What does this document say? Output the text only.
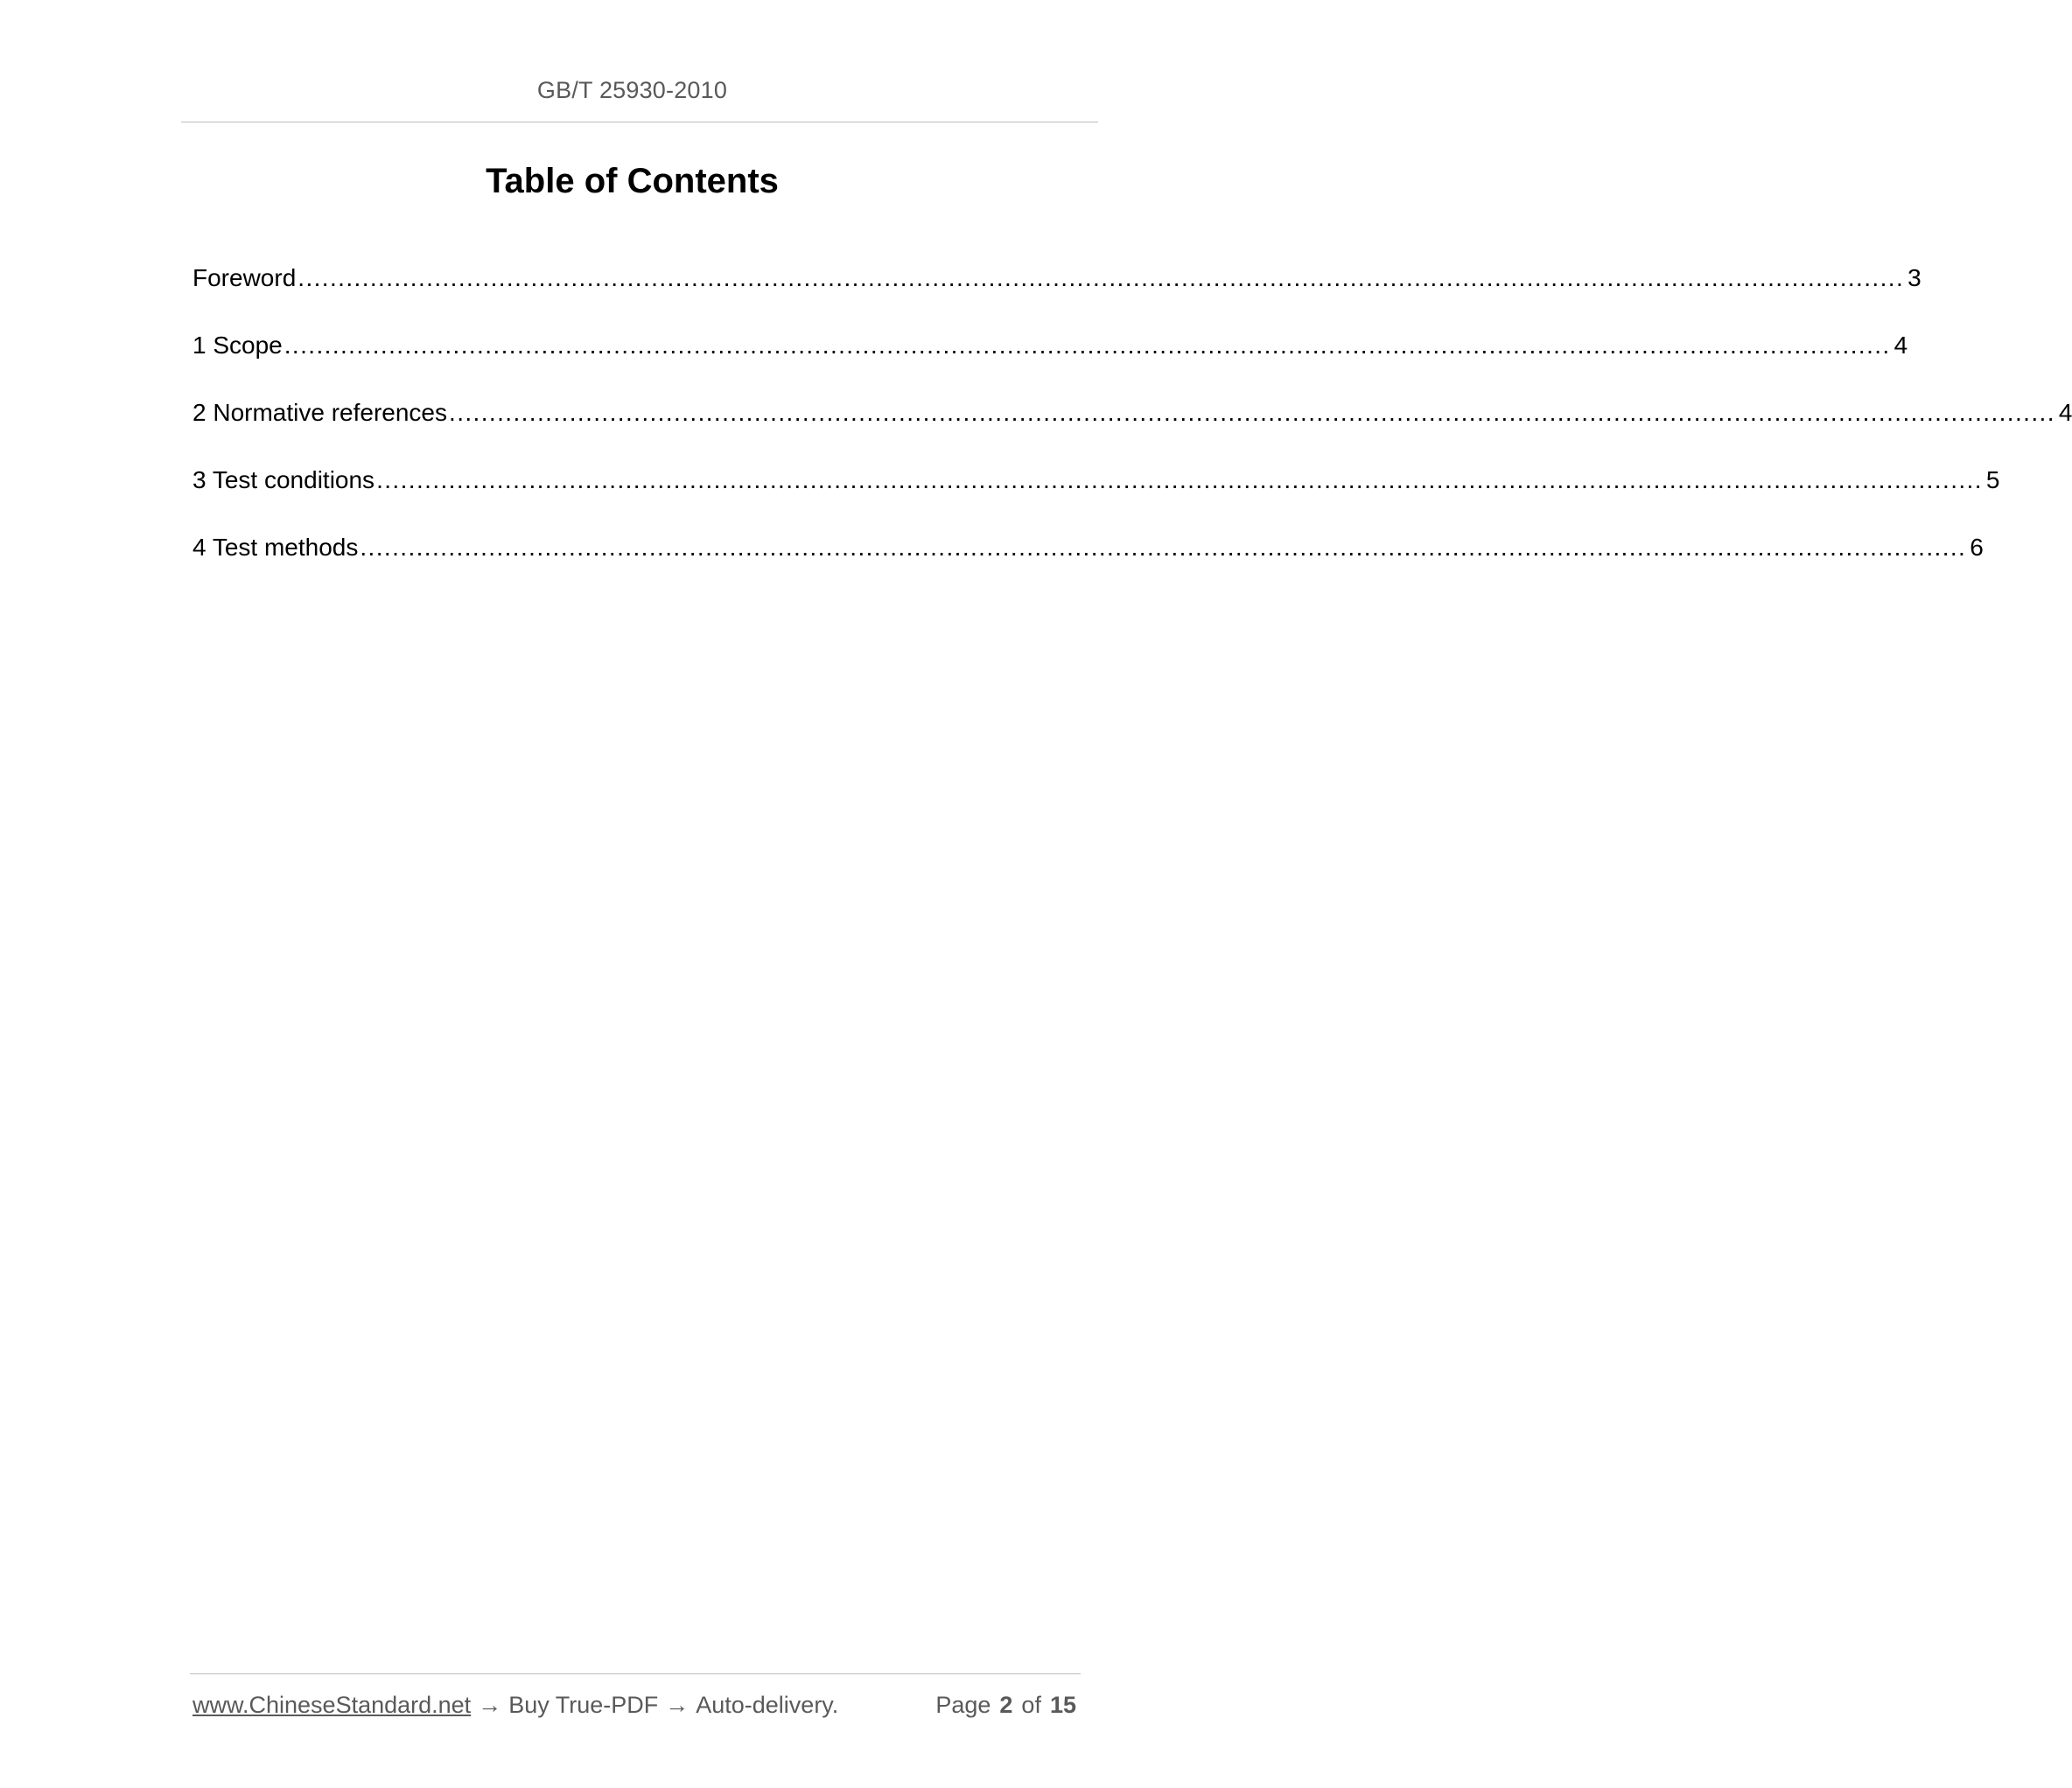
GB/T 25930-2010
Table of Contents
Foreword ........................................................................................................................................................................................................ 3
1 Scope ........................................................................................................................................................................................................ 4
2 Normative references ........................................................................................................................................................................................................ 4
3 Test conditions ........................................................................................................................................................................................................ 5
4 Test methods ........................................................................................................................................................................................................ 6
www.ChineseStandard.net → Buy True-PDF → Auto-delivery.	Page 2 of 15
